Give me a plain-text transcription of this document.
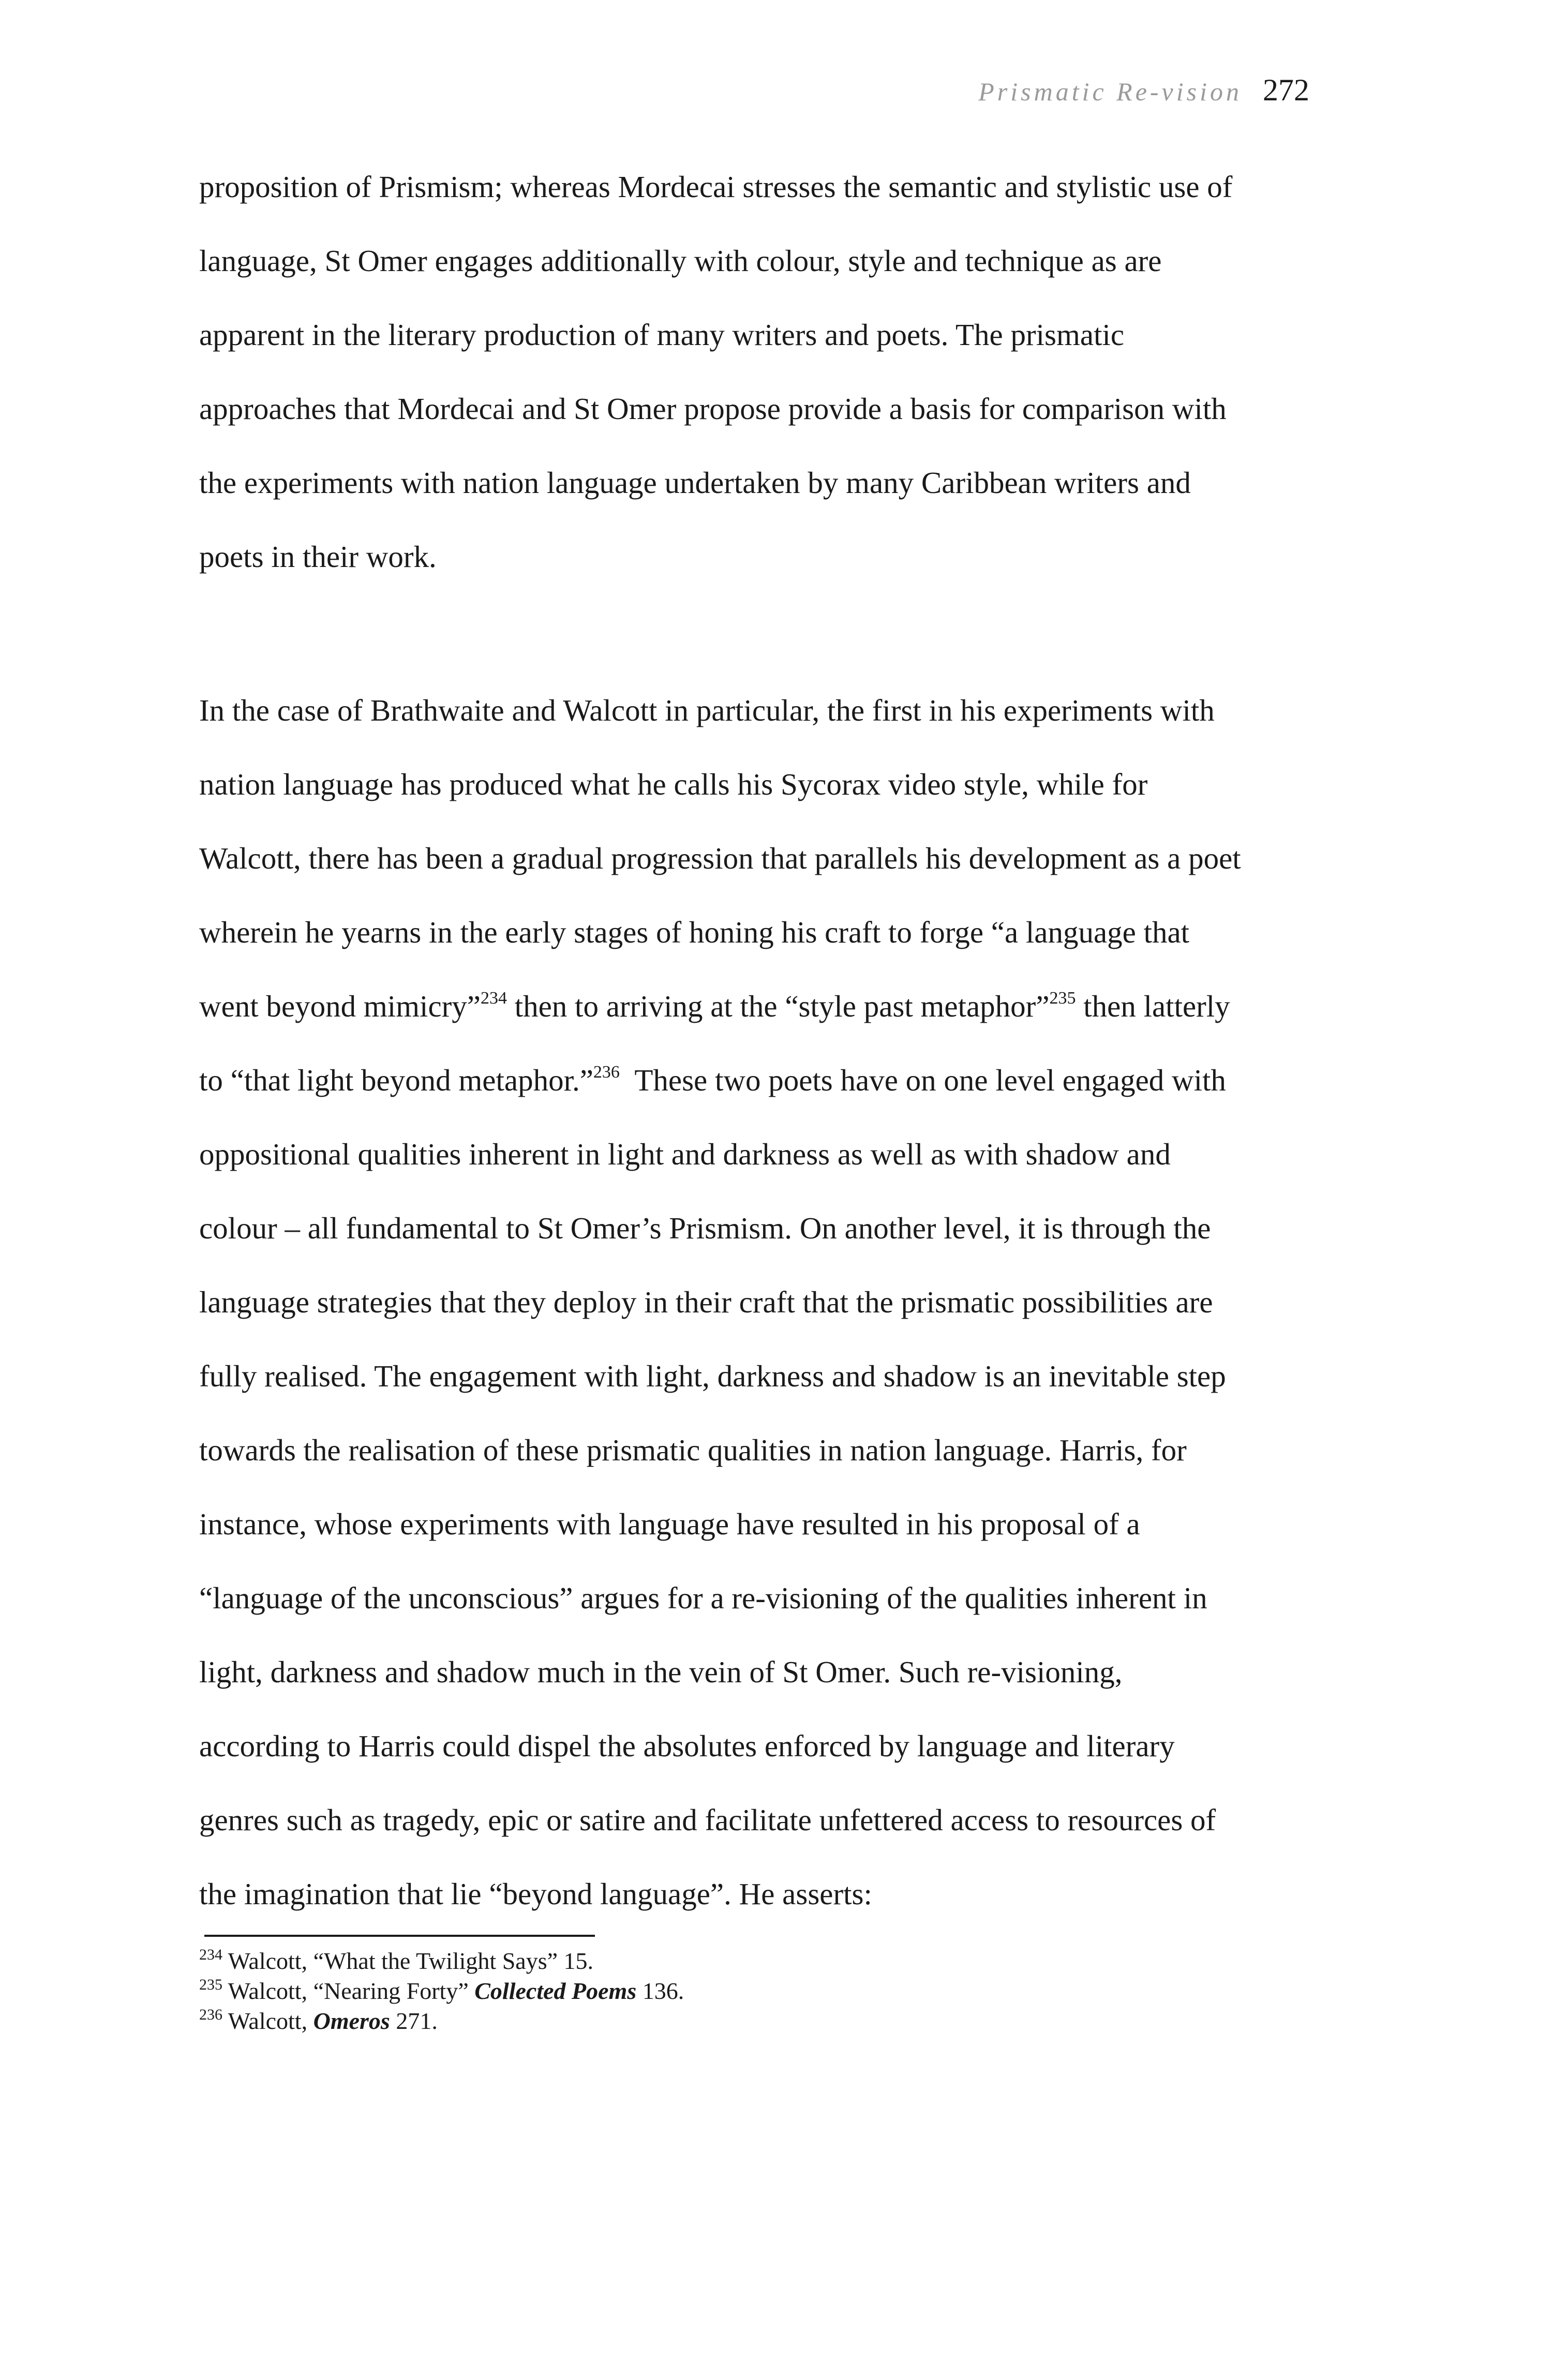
Prismatic Re-vision 272

proposition of Prismism; whereas Mordecai stresses the semantic and stylistic use of
language, St Omer engages additionally with colour, style and technique as are
apparent in the literary production of many writers and poets. The prismatic
approaches that Mordecai and St Omer propose provide a basis for comparison with
the experiments with nation language undertaken by many Caribbean writers and
poets in their work.

In the case of Brathwaite and Walcott in particular, the first in his experiments with
nation language has produced what he calls his Sycorax video style, while for
Walcott, there has been a gradual progression that parallels his development as a poet
wherein he yearns in the early stages of honing his craft to forge “a language that
went beyond mimicry”$^{234}$ then to arriving at the “style past metaphor”$^{235}$ then latterly
to “that light beyond metaphor.”$^{236}$  These two poets have on one level engaged with
oppositional qualities inherent in light and darkness as well as with shadow and
colour – all fundamental to St Omer’s Prismism. On another level, it is through the
language strategies that they deploy in their craft that the prismatic possibilities are
fully realised. The engagement with light, darkness and shadow is an inevitable step
towards the realisation of these prismatic qualities in nation language. Harris, for
instance, whose experiments with language have resulted in his proposal of a
“language of the unconscious” argues for a re-visioning of the qualities inherent in
light, darkness and shadow much in the vein of St Omer. Such re-visioning,
according to Harris could dispel the absolutes enforced by language and literary
genres such as tragedy, epic or satire and facilitate unfettered access to resources of
the imagination that lie “beyond language”. He asserts:

$^{234}$ Walcott, “What the Twilight Says” 15.
$^{235}$ Walcott, “Nearing Forty” Collected Poems 136.
$^{236}$ Walcott, Omeros 271.
